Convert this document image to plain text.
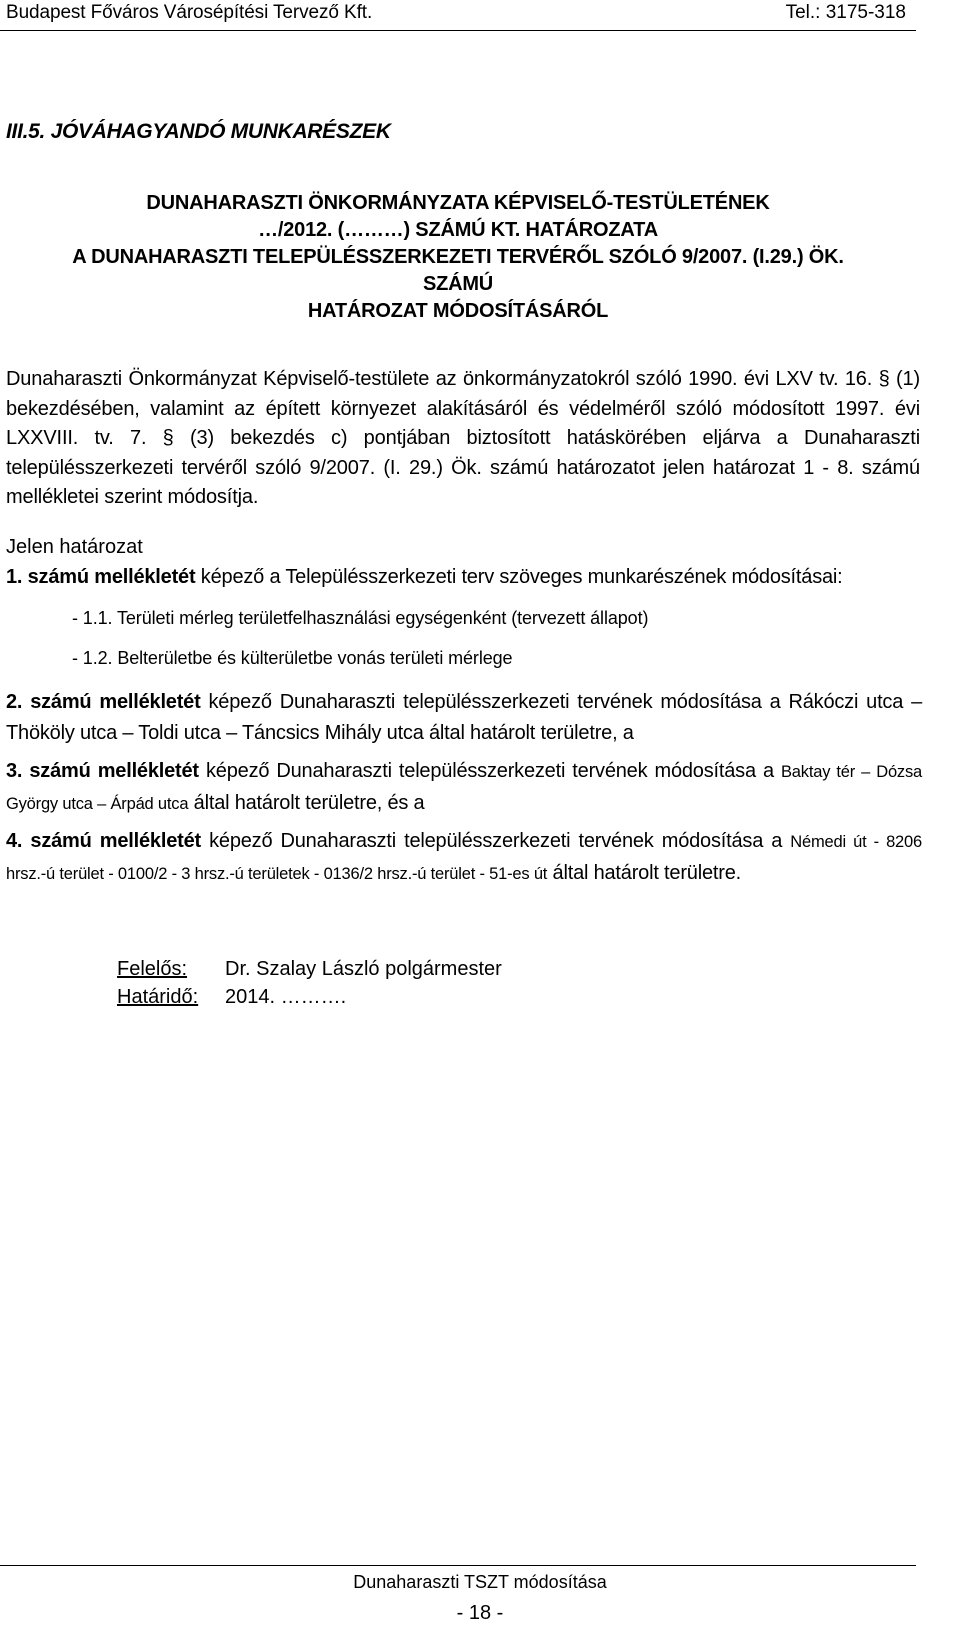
Budapest Főváros Városépítési Tervező Kft.	Tel.: 3175-318
III.5. JÓVÁHAGYANDÓ MUNKARÉSZEK
DUNAHARASZTI ÖNKORMÁNYZATA KÉPVISELŐ-TESTÜLETÉNEK
…/2012. (………) SZÁMÚ KT. HATÁROZATA
A DUNAHARASZTI TELEPÜLÉSSZERKEZETI TERVÉRŐL SZÓLÓ 9/2007. (I.29.) ÖK. SZÁMÚ
HATÁROZAT MÓDOSÍTÁSÁRÓL
Dunaharaszti Önkormányzat Képviselő-testülete az önkormányzatokról szóló 1990. évi LXV tv. 16. § (1) bekezdésében, valamint az épített környezet alakításáról és védelméről szóló módosított 1997. évi LXXVIII. tv. 7. § (3) bekezdés c) pontjában biztosított hatáskörében eljárva a Dunaharaszti településszerkezeti tervéről szóló 9/2007. (I. 29.) Ök. számú határozatot jelen határozat 1 - 8. számú mellékletei szerint módosítja.
Jelen határozat
1. számú mellékletét képező a Településszerkezeti terv szöveges munkarészének módosításai:
- 1.1. Területi mérleg területfelhasználási egységenként (tervezett állapot)
- 1.2. Belterületbe és külterületbe vonás területi mérlege
2. számú mellékletét képező Dunaharaszti településszerkezeti tervének módosítása a Rákóczi utca – Thököly utca – Toldi utca – Táncsics Mihály utca által határolt területre, a
3. számú mellékletét képező Dunaharaszti településszerkezeti tervének módosítása a Baktay tér – Dózsa György utca – Árpád utca által határolt területre, és a
4. számú mellékletét képező Dunaharaszti településszerkezeti tervének módosítása a Némedi út - 8206 hrsz.-ú terület - 0100/2 - 3 hrsz.-ú területek - 0136/2 hrsz.-ú terület - 51-es út által határolt területre.
Felelős:	Dr. Szalay László polgármester
Határidő:	2014. ……….
Dunaharaszti TSZT módosítása
- 18 -
